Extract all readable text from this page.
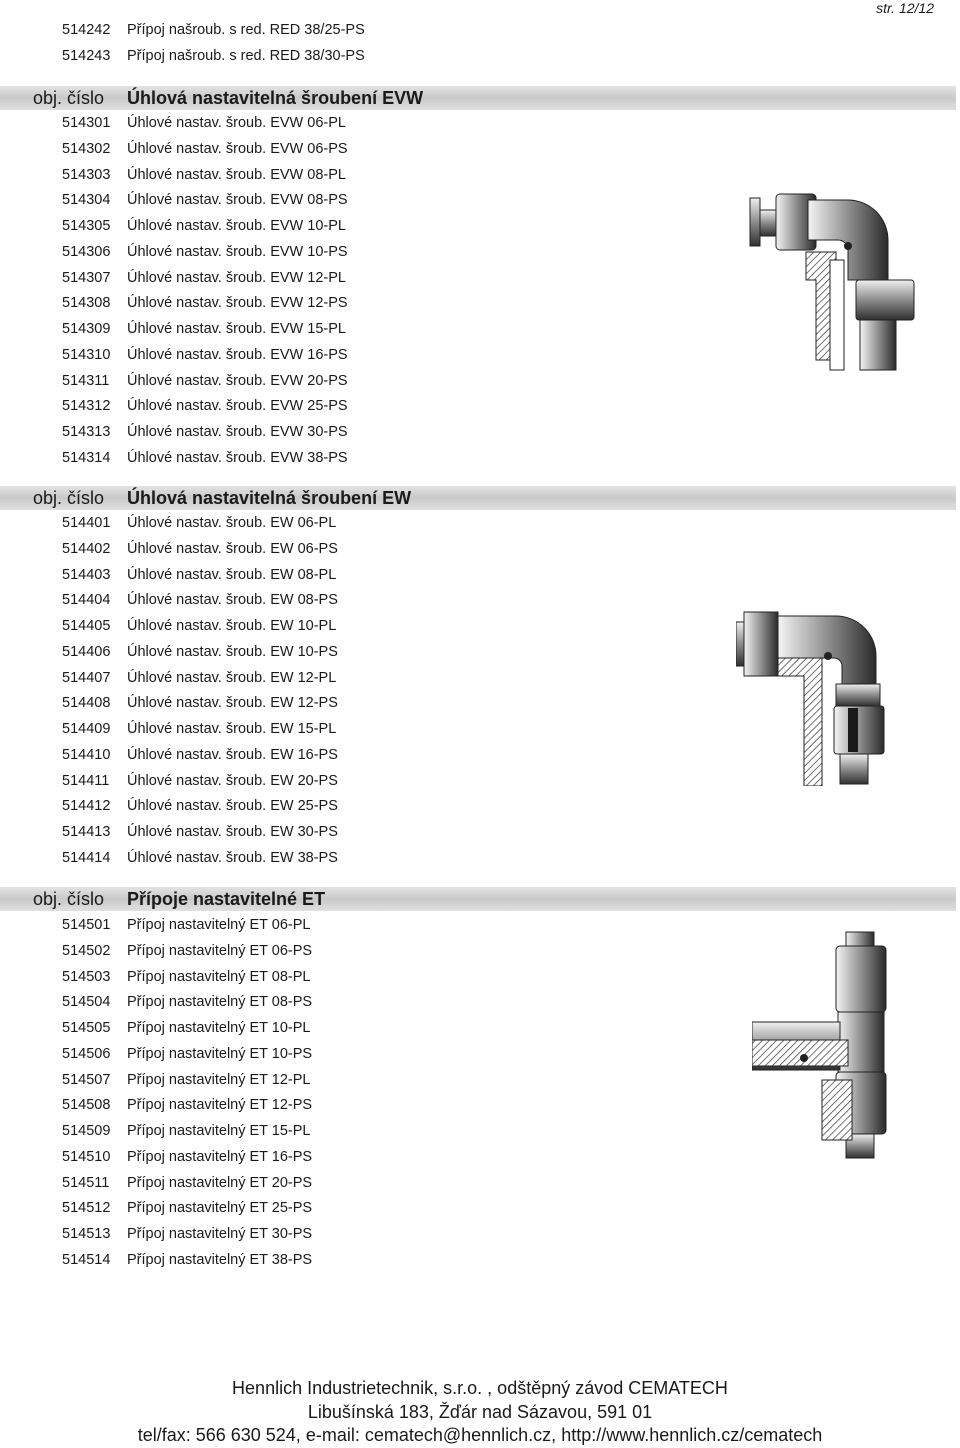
str. 12/12
514242 Přípoj našroub. s red. RED 38/25-PS
514243 Přípoj našroub. s red. RED 38/30-PS
obj. číslo Úhlová nastavitelná šroubení EVW
obj. číslo Úhlová nastavitelná šroubení EW
obj. číslo Přípoje nastavitelné ET
514301 Úhlové nastav. šroub. EVW 06-PL
514302 Úhlové nastav. šroub. EVW 06-PS
514303 Úhlové nastav. šroub. EVW 08-PL
514304 Úhlové nastav. šroub. EVW 08-PS
514305 Úhlové nastav. šroub. EVW 10-PL
514306 Úhlové nastav. šroub. EVW 10-PS
514307 Úhlové nastav. šroub. EVW 12-PL
514308 Úhlové nastav. šroub. EVW 12-PS
514309 Úhlové nastav. šroub. EVW 15-PL
514310 Úhlové nastav. šroub. EVW 16-PS
514311 Úhlové nastav. šroub. EVW 20-PS
514312 Úhlové nastav. šroub. EVW 25-PS
514313 Úhlové nastav. šroub. EVW 30-PS
514314 Úhlové nastav. šroub. EVW 38-PS
514401 Úhlové nastav. šroub. EW 06-PL
514402 Úhlové nastav. šroub. EW 06-PS
514403 Úhlové nastav. šroub. EW 08-PL
514404 Úhlové nastav. šroub. EW 08-PS
514405 Úhlové nastav. šroub. EW 10-PL
514406 Úhlové nastav. šroub. EW 10-PS
514407 Úhlové nastav. šroub. EW 12-PL
514408 Úhlové nastav. šroub. EW 12-PS
514409 Úhlové nastav. šroub. EW 15-PL
514410 Úhlové nastav. šroub. EW 16-PS
514411 Úhlové nastav. šroub. EW 20-PS
514412 Úhlové nastav. šroub. EW 25-PS
514413 Úhlové nastav. šroub. EW 30-PS
514414 Úhlové nastav. šroub. EW 38-PS
514501 Přípoj nastavitelný ET 06-PL
514502 Přípoj nastavitelný ET 06-PS
514503 Přípoj nastavitelný ET 08-PL
514504 Přípoj nastavitelný ET 08-PS
514505 Přípoj nastavitelný ET 10-PL
514506 Přípoj nastavitelný ET 10-PS
514507 Přípoj nastavitelný ET 12-PL
514508 Přípoj nastavitelný ET 12-PS
514509 Přípoj nastavitelný ET 15-PL
514510 Přípoj nastavitelný ET 16-PS
514511 Přípoj nastavitelný ET 20-PS
514512 Přípoj nastavitelný ET 25-PS
514513 Přípoj nastavitelný ET 30-PS
514514 Přípoj nastavitelný ET 38-PS
Hennlich Industrietechnik, s.r.o. , odštěpný závod CEMATECH
Libušínská 183, Žďár nad Sázavou, 591 01
tel/fax: 566 630 524, e-mail: cematech@hennlich.cz, http://www.hennlich.cz/cematech
